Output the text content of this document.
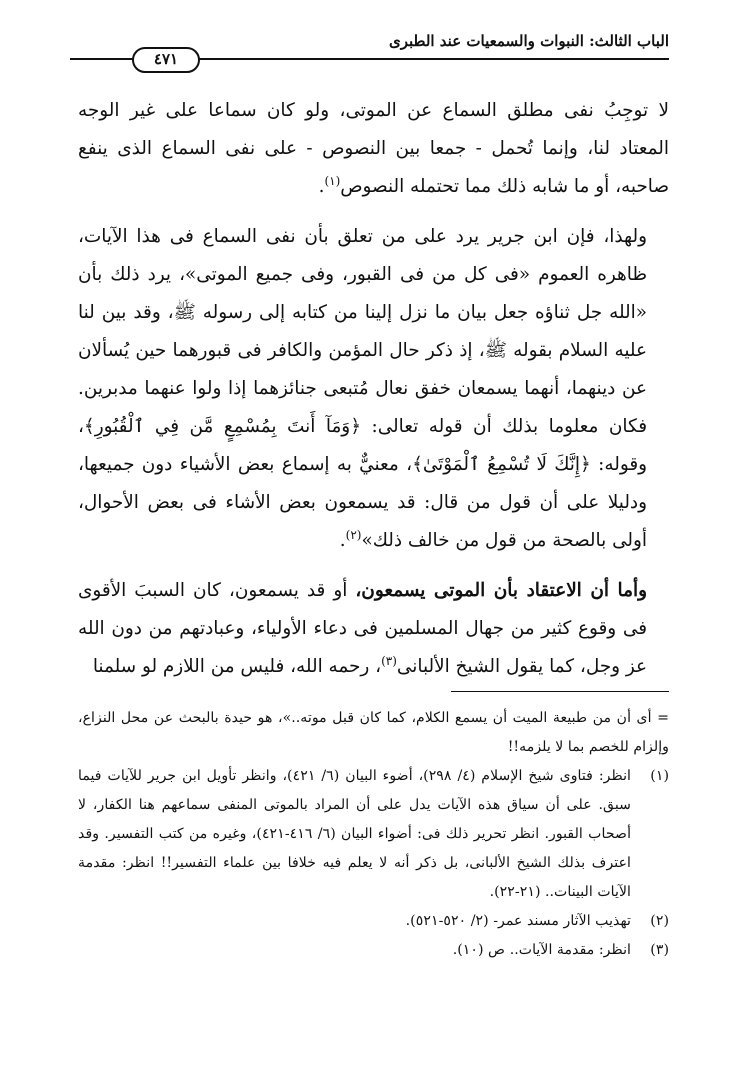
الباب الثالث: النبوات والسمعيات عند الطبرى
٤٧١

لا توجِبُ نفى مطلق السماع عن الموتى، ولو كان سماعا على غير الوجه المعتاد لنا، وإنما تُحمل - جمعا بين النصوص - على نفى السماع الذى ينفع صاحبه، أو ما شابه ذلك مما تحتمله النصوص$^{(١)}$.

ولهذا، فإن ابن جرير يرد على من تعلق بأن نفى السماع فى هذا الآيات، ظاهره العموم «فى كل من فى القبور، وفى جميع الموتى»، يرد ذلك بأن «الله جل ثناؤه جعل بيان ما نزل إلينا من كتابه إلى رسوله ﷺ، وقد بين لنا عليه السلام بقوله ﷺ، إذ ذكر حال المؤمن والكافر فى قبورهما حين يُسألان عن دينهما، أنهما يسمعان خفق نعال مُتبعى جنائزهما إذا ولوا عنهما مدبرين. فكان معلوما بذلك أن قوله تعالى: ﴿وَمَآ أَنتَ بِمُسْمِعٍ مَّن فِي ٱلْقُبُورِ﴾، وقوله: ﴿إِنَّكَ لَا تُسْمِعُ ٱلْمَوْتَىٰ﴾، معنيٌّ به إسماع بعض الأشياء دون جميعها، ودليلا على أن قول من قال: قد يسمعون بعض الأشاء فى بعض الأحوال، أولى بالصحة من قول من خالف ذلك»$^{(٢)}$.

وأما أن الاعتقاد بأن الموتى يسمعون، أو قد يسمعون، كان السببَ الأقوى فى وقوع كثير من جهال المسلمين فى دعاء الأولياء، وعبادتهم من دون الله عز وجل، كما يقول الشيخ الألبانى$^{(٣)}$، رحمه الله، فليس من اللازم لو سلمنا

= أى أن من طبيعة الميت أن يسمع الكلام، كما كان قبل موته..»، هو حيدة بالبحث عن محل النزاع، وإلزام للخصم بما لا يلزمه!!
(١)
انظر: فتاوى شيخ الإسلام (٤/ ٢٩٨)، أضوء البيان (٦/ ٤٢١)، وانظر تأويل ابن جرير للآيات فيما سبق. على أن سياق هذه الآيات يدل على أن المراد بالموتى المنفى سماعهم هنا الكفار، لا أصحاب القبور. انظر تحرير ذلك فى: أضواء البيان (٦/ ٤١٦-٤٢١)، وغيره من كتب التفسير. وقد اعترف بذلك الشيخ الألبانى، بل ذكر أنه لا يعلم فيه خلافا بين علماء التفسير!! انظر: مقدمة الآيات البينات.. (٢١-٢٢).
(٢)
تهذيب الآثار مسند عمر- (٢/ ٥٢٠-٥٢١).
(٣)
انظر: مقدمة الآيات.. ص (١٠).
